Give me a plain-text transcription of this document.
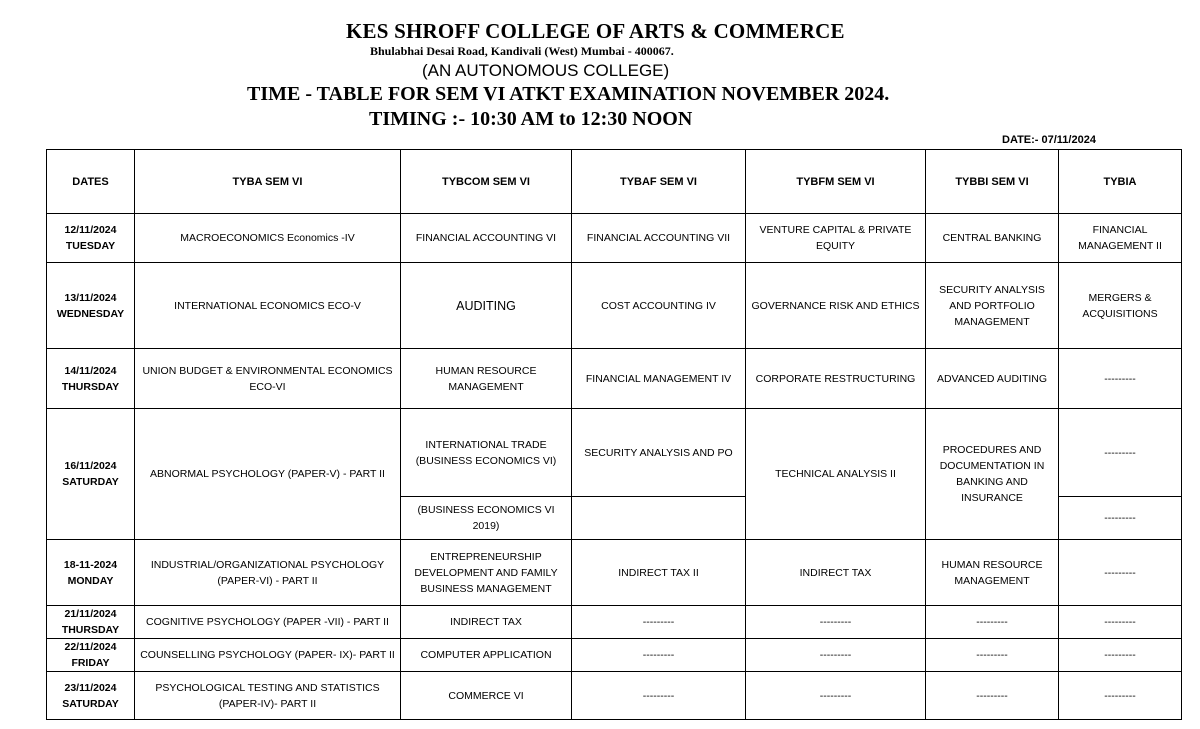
KES SHROFF COLLEGE OF ARTS & COMMERCE
Bhulabhai Desai Road, Kandivali (West) Mumbai - 400067.
(AN AUTONOMOUS COLLEGE)
TIME - TABLE FOR SEM VI ATKT EXAMINATION NOVEMBER 2024.
TIMING :- 10:30 AM to 12:30 NOON
DATE:- 07/11/2024
DATES	TYBA SEM VI	TYBCOM SEM VI	TYBAF SEM VI	TYBFM SEM VI	TYBBI SEM VI	TYBIA

12/11/2024
TUESDAY	MACROECONOMICS Economics -IV	FINANCIAL ACCOUNTING VI	FINANCIAL ACCOUNTING VII	VENTURE CAPITAL & PRIVATE EQUITY	CENTRAL BANKING	FINANCIAL MANAGEMENT II

13/11/2024
WEDNESDAY	INTERNATIONAL ECONOMICS ECO-V	AUDITING	COST ACCOUNTING IV	GOVERNANCE RISK AND ETHICS	SECURITY ANALYSIS AND PORTFOLIO MANAGEMENT	MERGERS & ACQUISITIONS

14/11/2024
THURSDAY	UNION BUDGET & ENVIRONMENTAL ECONOMICS ECO-VI	HUMAN RESOURCE MANAGEMENT	FINANCIAL MANAGEMENT IV	CORPORATE RESTRUCTURING	ADVANCED AUDITING	---------

16/11/2024
SATURDAY	ABNORMAL PSYCHOLOGY (PAPER-V) - PART II	INTERNATIONAL TRADE (BUSINESS ECONOMICS VI)	SECURITY ANALYSIS AND PO	TECHNICAL ANALYSIS II	PROCEDURES AND DOCUMENTATION IN BANKING AND INSURANCE	---------
		(BUSINESS ECONOMICS VI 2019)				---------

18-11-2024
MONDAY	INDUSTRIAL/ORGANIZATIONAL PSYCHOLOGY (PAPER-VI) - PART II	ENTREPRENEURSHIP DEVELOPMENT AND FAMILY BUSINESS MANAGEMENT	INDIRECT TAX II	INDIRECT TAX	HUMAN RESOURCE MANAGEMENT	---------

21/11/2024
THURSDAY	COGNITIVE PSYCHOLOGY (PAPER -VII) - PART II	INDIRECT TAX	---------	---------	---------	---------

22/11/2024
FRIDAY	COUNSELLING PSYCHOLOGY (PAPER- IX)- PART II	COMPUTER APPLICATION	---------	---------	---------	---------

23/11/2024
SATURDAY	PSYCHOLOGICAL TESTING AND STATISTICS (PAPER-IV)- PART II	COMMERCE VI	---------	---------	---------	---------
